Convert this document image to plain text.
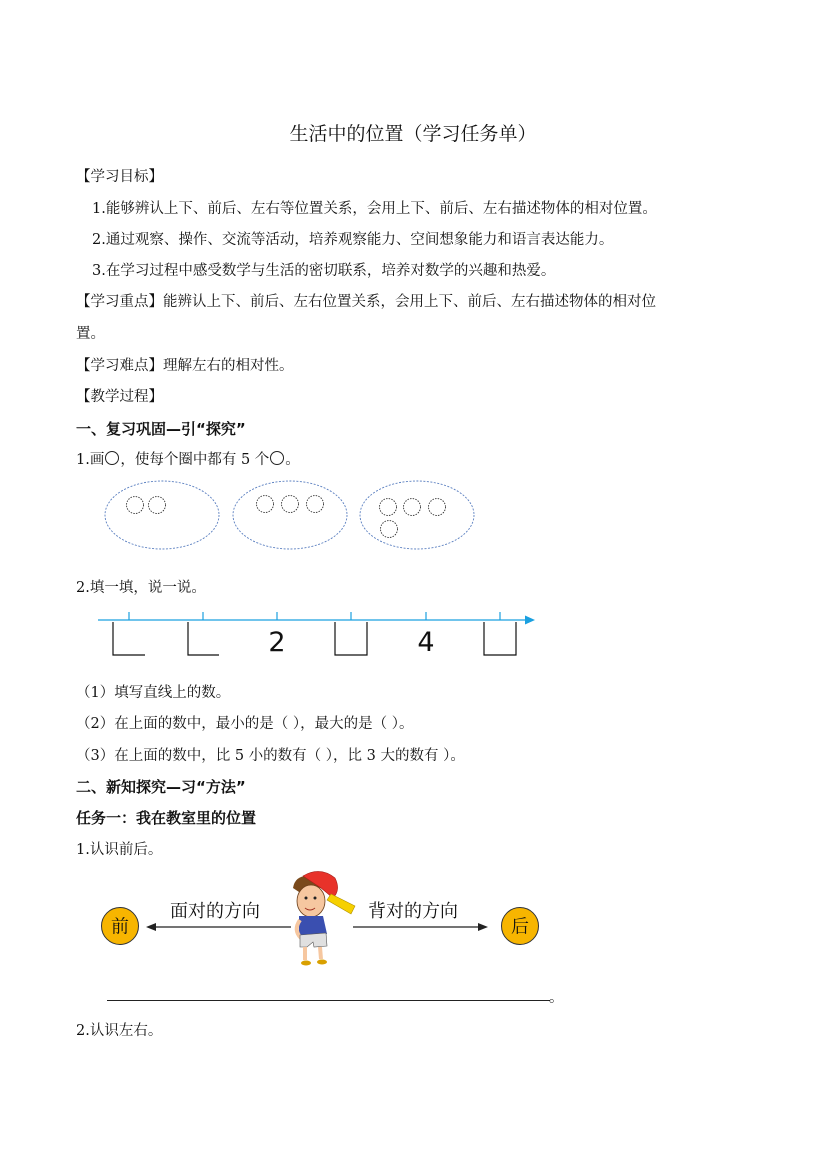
生活中的位置（学习任务单）
【学习目标】
1.能够辨认上下、前后、左右等位置关系，会用上下、前后、左右描述物体的相对位置。
2.通过观察、操作、交流等活动，培养观察能力、空间想象能力和语言表达能力。
3.在学习过程中感受数学与生活的密切联系，培养对数学的兴趣和热爱。
【学习重点】能辨认上下、前后、左右位置关系，会用上下、前后、左右描述物体的相对位
置。
【学习难点】理解左右的相对性。
【教学过程】
一、复习巩固—引“探究”
1.画 ，使每个圈中都有 5 个 。
2.填一填，说一说。
2	4
（1）填写直线上的数。
（2）在上面的数中，最小的是（ ），最大的是（ ）。
（3）在上面的数中，比 5 小的数有（ ），比 3 大的数有 ）。
二、新知探究—习“方法”
任务一：我在教室里的位置
1.认识前后。
前
面对的方向	背对的方向
后
。
2.认识左右。
